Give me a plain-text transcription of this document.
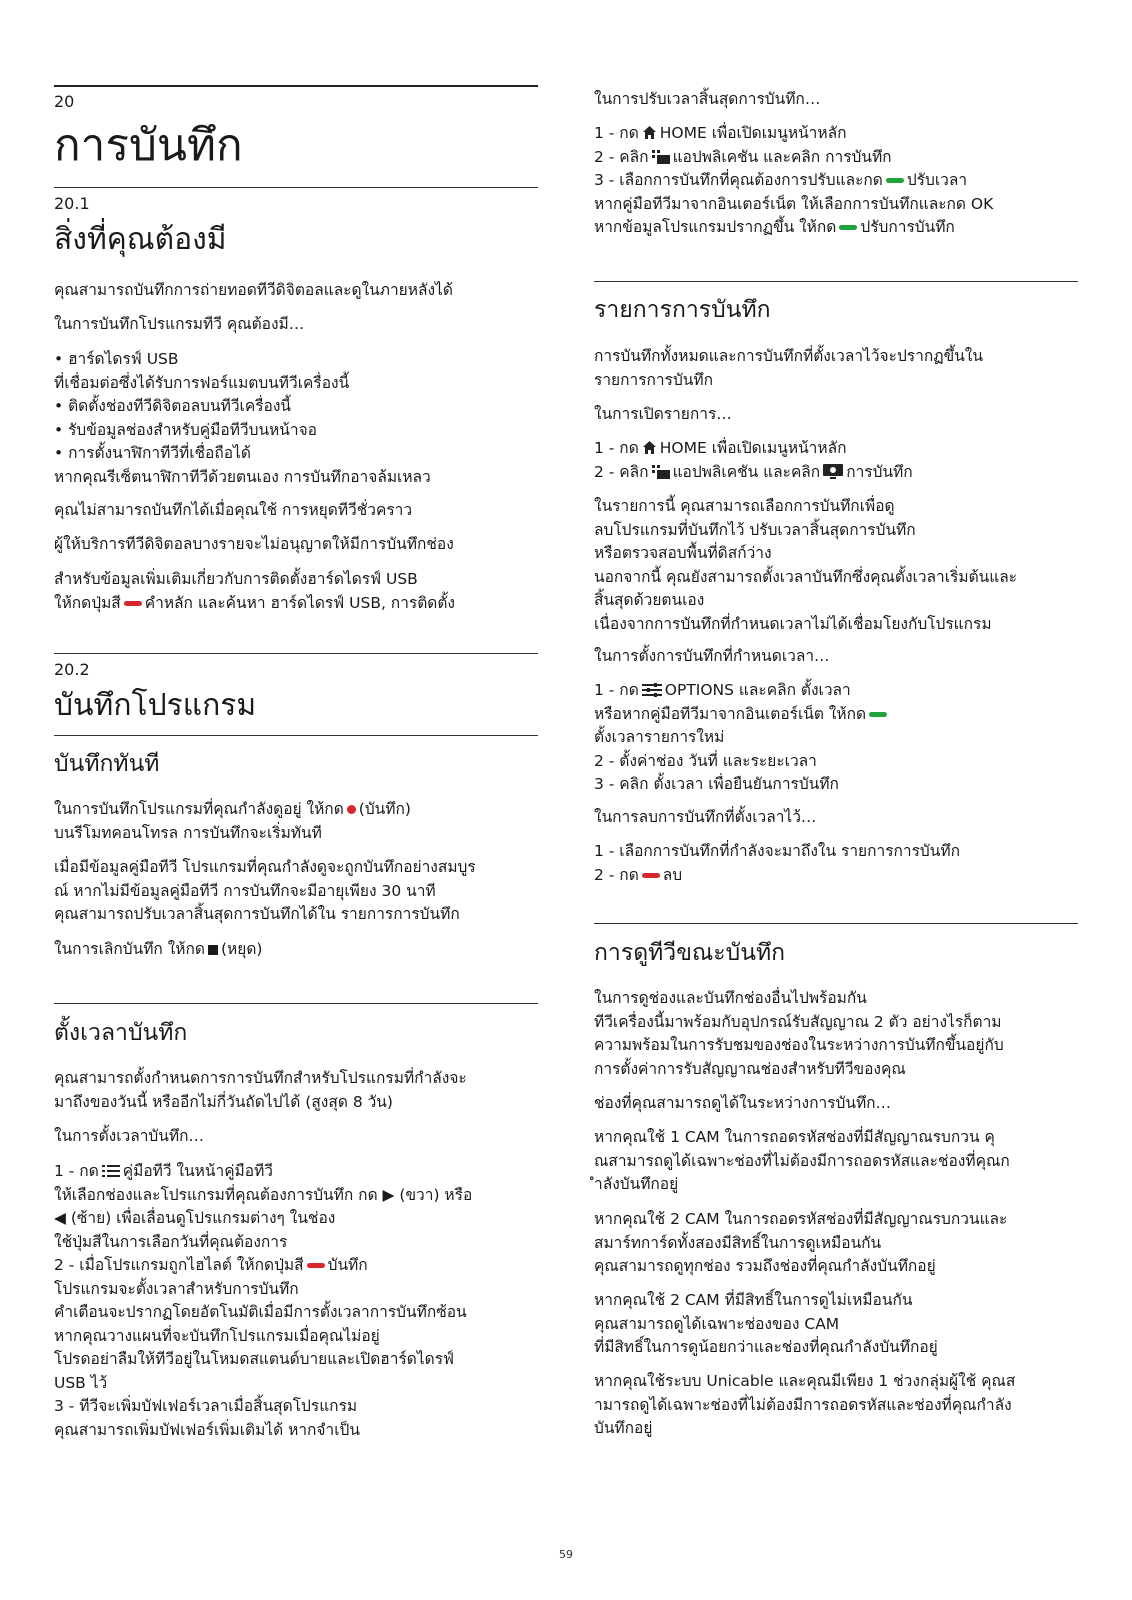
20
การบันทึก
20.1
สิ่งที่คุณต้องมี
คุณสามารถบันทึกการถ่ายทอดทีวีดิจิตอลและดูในภายหลังได้
ในการบันทึกโปรแกรมทีวี คุณต้องมี…
• ฮาร์ดไดรฟ์ USB
ที่เชื่อมต่อซึ่งได้รับการฟอร์แมตบนทีวีเครื่องนี้
• ติดตั้งช่องทีวีดิจิตอลบนทีวีเครื่องนี้
• รับข้อมูลช่องสำหรับคู่มือทีวีบนหน้าจอ
• การตั้งนาฬิกาทีวีที่เชื่อถือได้
หากคุณรีเซ็ตนาฬิกาทีวีด้วยตนเอง การบันทึกอาจล้มเหลว
คุณไม่สามารถบันทึกได้เมื่อคุณใช้ การหยุดทีวีชั่วคราว
ผู้ให้บริการทีวีดิจิตอลบางรายจะไม่อนุญาตให้มีการบันทึกช่อง
สำหรับข้อมูลเพิ่มเติมเกี่ยวกับการติดตั้งฮาร์ดไดรฟ์ USB
ให้กดปุ่มสี คำหลัก และค้นหา ฮาร์ดไดรฟ์ USB, การติดตั้ง
20.2
บันทึกโปรแกรม
บันทึกทันที
ในการบันทึกโปรแกรมที่คุณกำลังดูอยู่ ให้กด (บันทึก)
บนรีโมทคอนโทรล การบันทึกจะเริ่มทันที
เมื่อมีข้อมูลคู่มือทีวี โปรแกรมที่คุณกำลังดูจะถูกบันทึกอย่างสมบูร
ณ์ หากไม่มีข้อมูลคู่มือทีวี การบันทึกจะมีอายุเพียง 30 นาที
คุณสามารถปรับเวลาสิ้นสุดการบันทึกได้ใน รายการการบันทึก
ในการเลิกบันทึก ให้กด (หยุด)
ตั้งเวลาบันทึก
คุณสามารถตั้งกำหนดการการบันทึกสำหรับโปรแกรมที่กำลังจะ
มาถึงของวันนี้ หรืออีกไม่กี่วันถัดไปได้ (สูงสุด 8 วัน)
ในการตั้งเวลาบันทึก…
1 - กด คู่มือทีวี ในหน้าคู่มือทีวี
ให้เลือกช่องและโปรแกรมที่คุณต้องการบันทึก กด ▶ (ขวา) หรือ
◀ (ซ้าย) เพื่อเลื่อนดูโปรแกรมต่างๆ ในช่อง
ใช้ปุ่มสีในการเลือกวันที่คุณต้องการ
2 - เมื่อโปรแกรมถูกไฮไลต์ ให้กดปุ่มสี บันทึก
โปรแกรมจะตั้งเวลาสำหรับการบันทึก
คำเตือนจะปรากฏโดยอัตโนมัติเมื่อมีการตั้งเวลาการบันทึกซ้อน
หากคุณวางแผนที่จะบันทึกโปรแกรมเมื่อคุณไม่อยู่
โปรดอย่าลืมให้ทีวีอยู่ในโหมดสแตนด์บายและเปิดฮาร์ดไดรฟ์
USB ไว้
3 - ทีวีจะเพิ่มบัฟเฟอร์เวลาเมื่อสิ้นสุดโปรแกรม
คุณสามารถเพิ่มบัฟเฟอร์เพิ่มเติมได้ หากจำเป็น
ในการปรับเวลาสิ้นสุดการบันทึก…
1 - กด HOME เพื่อเปิดเมนูหน้าหลัก
2 - คลิก แอปพลิเคชัน และคลิก การบันทึก
3 - เลือกการบันทึกที่คุณต้องการปรับและกด ปรับเวลา
หากคู่มือทีวีมาจากอินเตอร์เน็ต ให้เลือกการบันทึกและกด OK
หากข้อมูลโปรแกรมปรากฏขึ้น ให้กด ปรับการบันทึก
รายการการบันทึก
การบันทึกทั้งหมดและการบันทึกที่ตั้งเวลาไว้จะปรากฏขึ้นใน
รายการการบันทึก
ในการเปิดรายการ…
1 - กด HOME เพื่อเปิดเมนูหน้าหลัก
2 - คลิก แอปพลิเคชัน และคลิก การบันทึก
ในรายการนี้ คุณสามารถเลือกการบันทึกเพื่อดู
ลบโปรแกรมที่บันทึกไว้ ปรับเวลาสิ้นสุดการบันทึก
หรือตรวจสอบพื้นที่ดิสก์ว่าง
นอกจากนี้ คุณยังสามารถตั้งเวลาบันทึกซึ่งคุณตั้งเวลาเริ่มต้นและ
สิ้นสุดด้วยตนเอง
เนื่องจากการบันทึกที่กำหนดเวลาไม่ได้เชื่อมโยงกับโปรแกรม
ในการตั้งการบันทึกที่กำหนดเวลา…
1 - กด OPTIONS และคลิก ตั้งเวลา
หรือหากคู่มือทีวีมาจากอินเตอร์เน็ต ให้กด
ตั้งเวลารายการใหม่
2 - ตั้งค่าช่อง วันที่ และระยะเวลา
3 - คลิก ตั้งเวลา เพื่อยืนยันการบันทึก
ในการลบการบันทึกที่ตั้งเวลาไว้…
1 - เลือกการบันทึกที่กำลังจะมาถึงใน รายการการบันทึก
2 - กด ลบ
การดูทีวีขณะบันทึก
ในการดูช่องและบันทึกช่องอื่นไปพร้อมกัน
ทีวีเครื่องนี้มาพร้อมกับอุปกรณ์รับสัญญาณ 2 ตัว อย่างไรก็ตาม
ความพร้อมในการรับชมของช่องในระหว่างการบันทึกขึ้นอยู่กับ
การตั้งค่าการรับสัญญาณช่องสำหรับทีวีของคุณ
ช่องที่คุณสามารถดูได้ในระหว่างการบันทึก…
หากคุณใช้ 1 CAM ในการถอดรหัสช่องที่มีสัญญาณรบกวน คุ
ณสามารถดูได้เฉพาะช่องที่ไม่ต้องมีการถอดรหัสและช่องที่คุณก
ำลังบันทึกอยู่
หากคุณใช้ 2 CAM ในการถอดรหัสช่องที่มีสัญญาณรบกวนและ
สมาร์ทการ์ดทั้งสองมีสิทธิ์ในการดูเหมือนกัน
คุณสามารถดูทุกช่อง รวมถึงช่องที่คุณกำลังบันทึกอยู่
หากคุณใช้ 2 CAM ที่มีสิทธิ์ในการดูไม่เหมือนกัน
คุณสามารถดูได้เฉพาะช่องของ CAM
ที่มีสิทธิ์ในการดูน้อยกว่าและช่องที่คุณกำลังบันทึกอยู่
หากคุณใช้ระบบ Unicable และคุณมีเพียง 1 ช่วงกลุ่มผู้ใช้ คุณส
ามารถดูได้เฉพาะช่องที่ไม่ต้องมีการถอดรหัสและช่องที่คุณกำลัง
บันทึกอยู่
59
